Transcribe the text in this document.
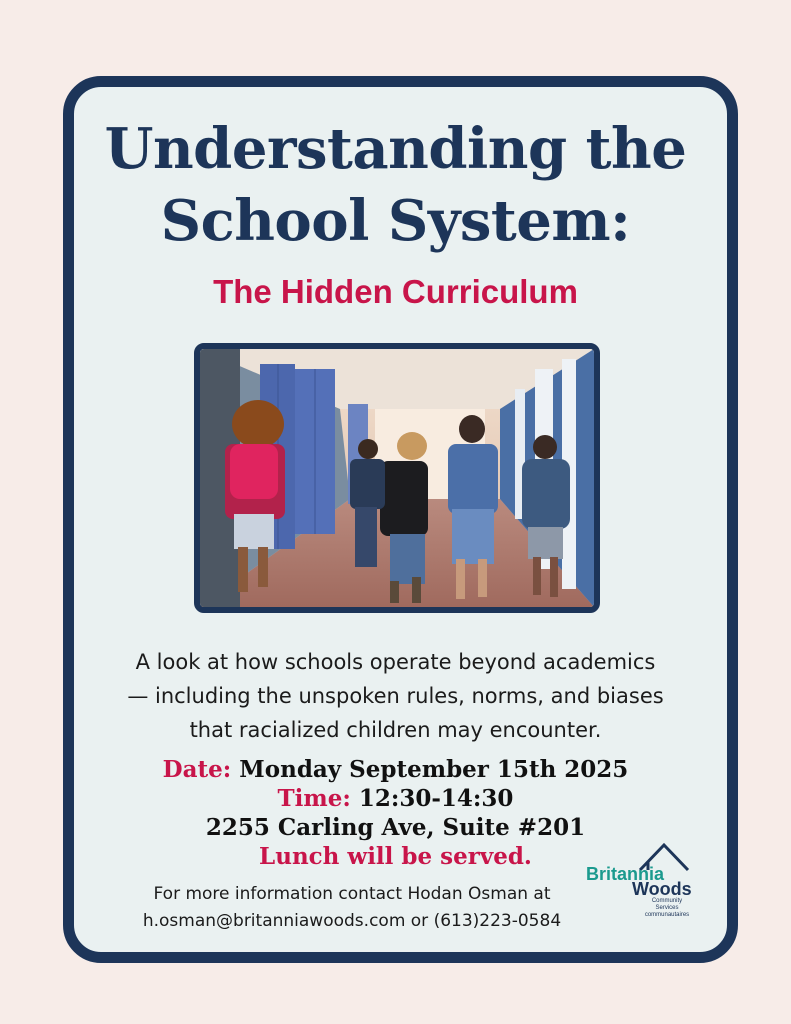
Understanding the
School System:
The Hidden Curriculum

A look at how schools operate beyond academics
— including the unspoken rules, norms, and biases
that racialized children may encounter.

Date: Monday September 15th 2025
Time: 12:30-14:30
2255 Carling Ave, Suite #201
Lunch will be served.
For more information contact Hodan Osman at
h.osman@britanniawoods.com or (613)223-0584
Britannia
Woods
Community
Services
communautaires
